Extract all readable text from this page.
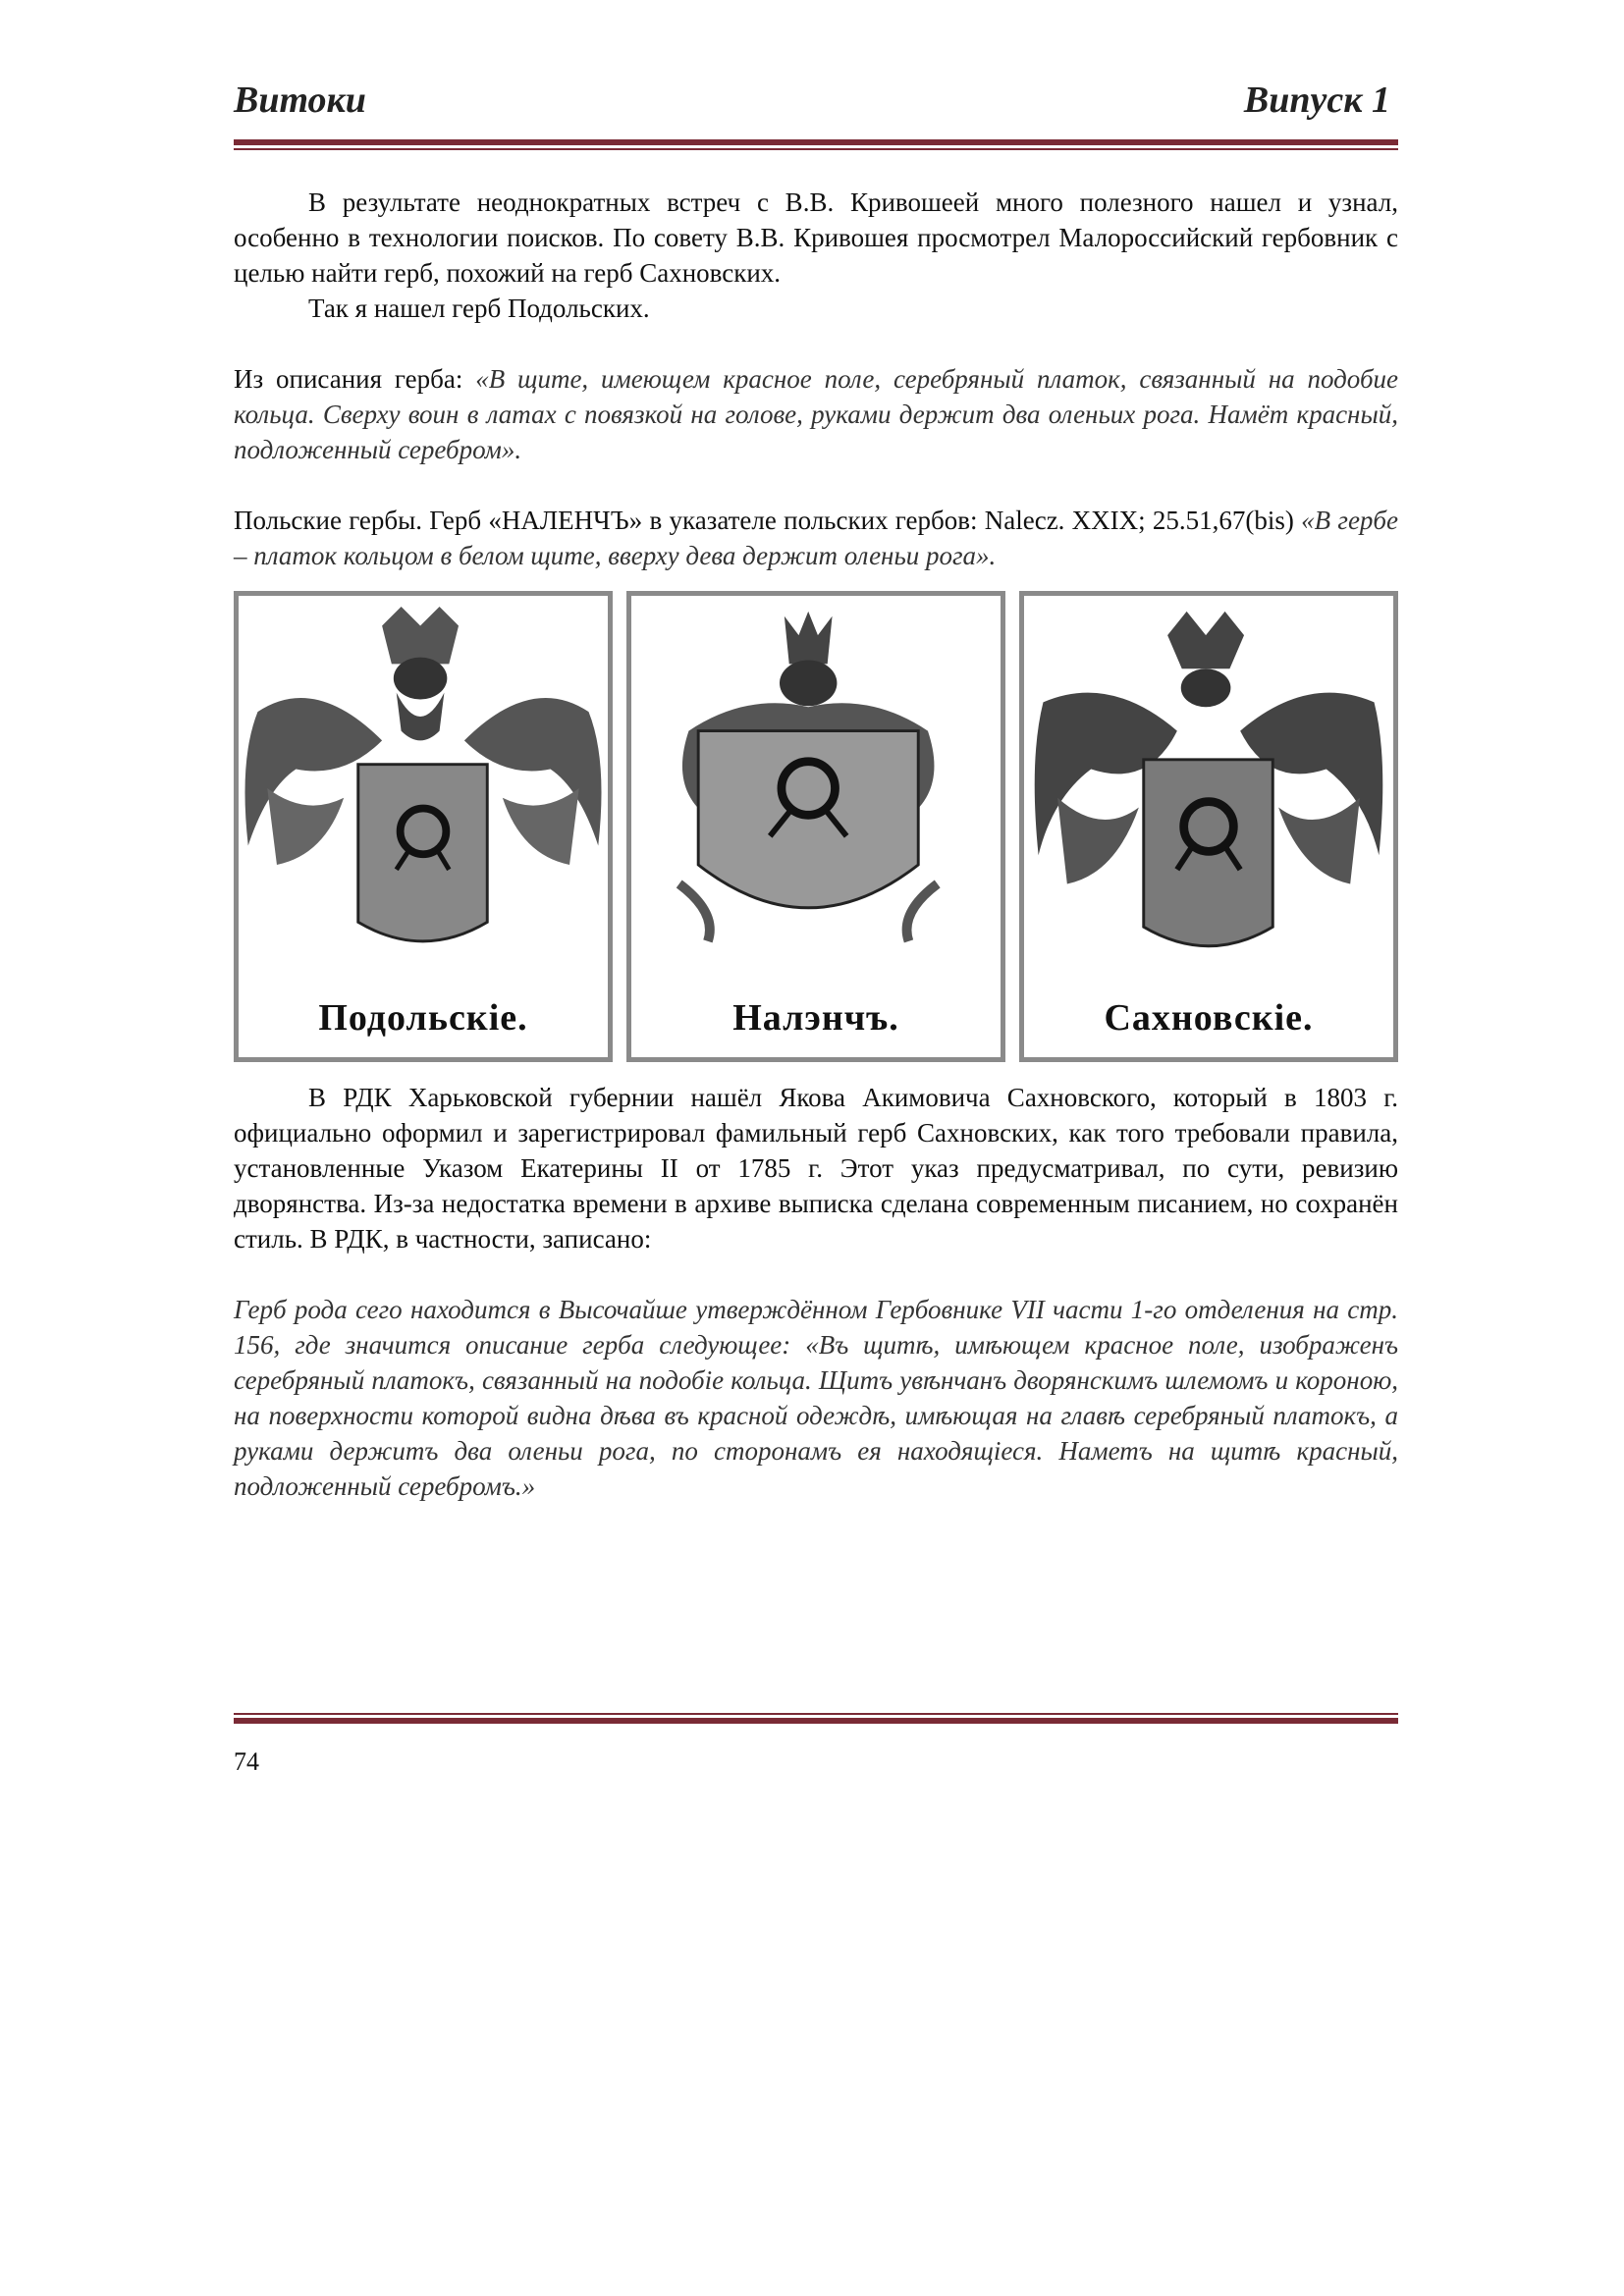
Витоки	Випуск 1

В результате неоднократных встреч с В.В. Кривошеей много полезного нашел и узнал, особенно в технологии поисков. По совету В.В. Кривошея просмотрел Малороссийский гербовник с целью найти герб, похожий на герб Сахновских.

Так я нашел герб Подольских.

Из описания герба: «В щите, имеющем красное поле, серебряный платок, связанный на подобие кольца. Сверху воин в латах с повязкой на голове, руками держит два оленьих рога. Намёт красный, подложенный серебром».

Польские гербы. Герб «НАЛЕНЧЪ» в указателе польских гербов: Nalecz. XXIX; 25.51,67(bis) «В гербе – платок кольцом в белом щите, вверху дева держит оленьи рога».

Подольскiе.	Налэнчъ.	Сахновскiе.

В РДК Харьковской губернии нашёл Якова Акимовича Сахновского, который в 1803 г. официально оформил и зарегистрировал фамильный герб Сахновских, как того требовали правила, установленные Указом Екатерины II от 1785 г. Этот указ предусматривал, по сути, ревизию дворянства. Из-за недостатка времени в архиве выписка сделана современным писанием, но сохранён стиль. В РДК, в частности, записано:

Герб рода сего находится в Высочайше утверждённом Гербовнике VII части 1-го отделения на стр. 156, где значится описание герба следующее: «Въ щитѣ, имѣющем красное поле, изображенъ серебряный платокъ, связанный на подобіе кольца. Щитъ увѣнчанъ дворянскимъ шлемомъ и короною, на поверхности которой видна дѣва въ красной одеждѣ, имѣющая на главѣ серебряный платокъ, а руками держитъ два оленьи рога, по сторонамъ ея находящіеся. Наметъ на щитѣ красный, подложенный серебромъ.»

74
